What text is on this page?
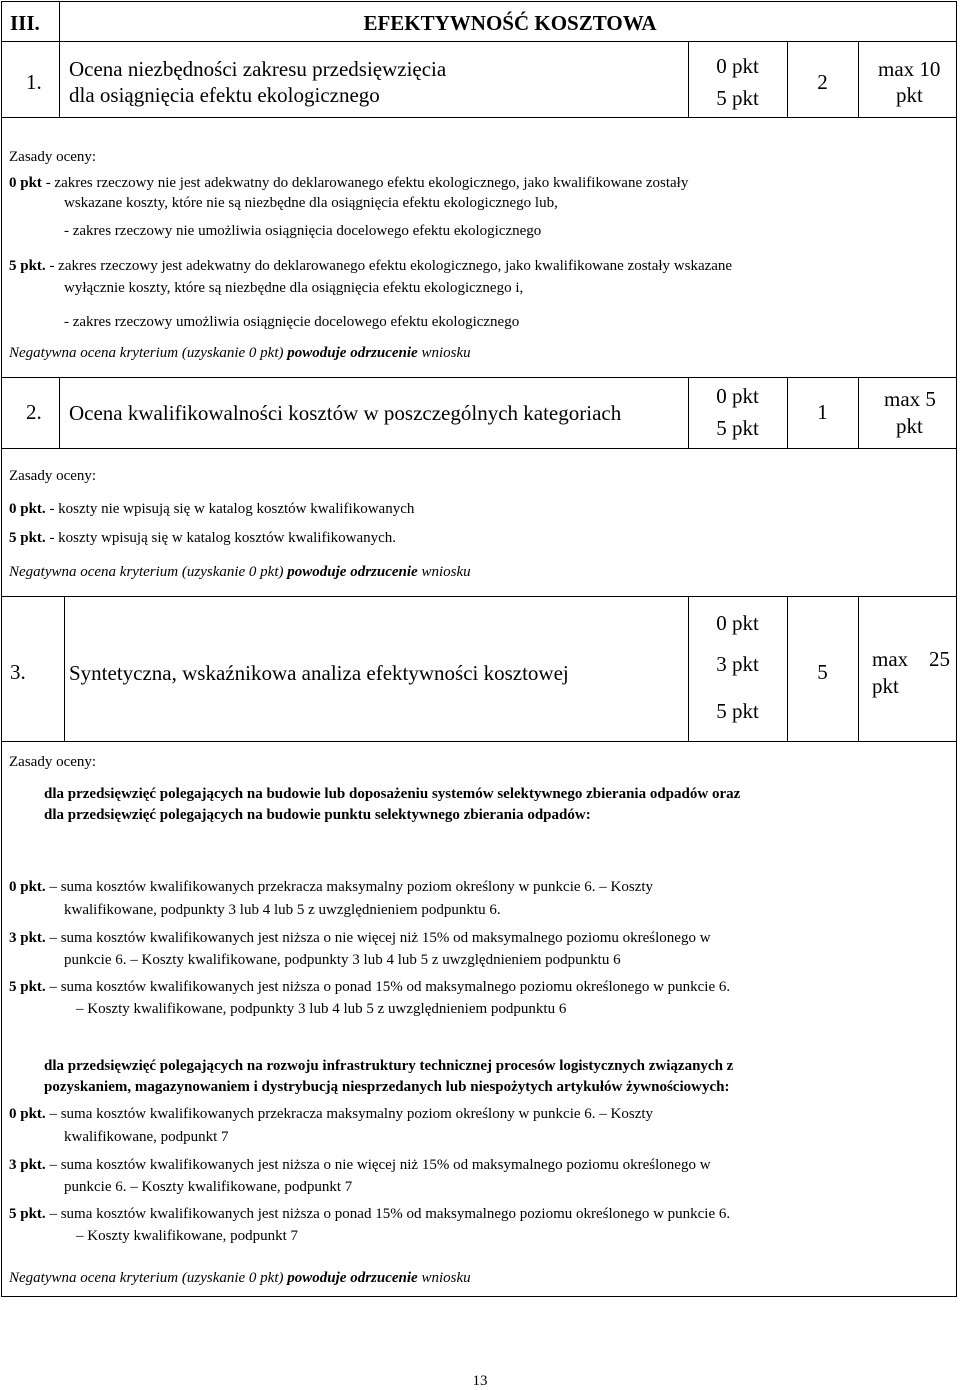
III.	EFEKTYWNOŚĆ KOSZTOWA
1.
Ocena niezbędności zakresu przedsięwzięcia
dla osiągnięcia efektu ekologicznego
0 pkt
5 pkt
2
max 10
pkt
Zasady oceny:
0 pkt - zakres rzeczowy nie jest adekwatny do deklarowanego efektu ekologicznego, jako kwalifikowane zostały
wskazane koszty, które nie są niezbędne dla osiągnięcia efektu ekologicznego lub,
- zakres rzeczowy nie umożliwia osiągnięcia docelowego efektu ekologicznego
5 pkt. - zakres rzeczowy jest adekwatny do deklarowanego efektu ekologicznego, jako kwalifikowane zostały wskazane
wyłącznie koszty, które są niezbędne dla osiągnięcia efektu ekologicznego i,
- zakres rzeczowy umożliwia osiągnięcie docelowego efektu ekologicznego
Negatywna ocena kryterium (uzyskanie 0 pkt) powoduje odrzucenie wniosku
2. Ocena kwalifikowalności kosztów w poszczególnych kategoriach
0 pkt
5 pkt
1
max 5
pkt
Zasady oceny:
0 pkt. - koszty nie wpisują się w katalog kosztów kwalifikowanych
5 pkt. - koszty wpisują się w katalog kosztów kwalifikowanych.
Negatywna ocena kryterium (uzyskanie 0 pkt) powoduje odrzucenie wniosku
3. Syntetyczna, wskaźnikowa analiza efektywności kosztowej
0 pkt
3 pkt
5 pkt
5
max 25
pkt
Zasady oceny:
dla przedsięwzięć polegających na budowie lub doposażeniu systemów selektywnego zbierania odpadów oraz
dla przedsięwzięć polegających na budowie punktu selektywnego zbierania odpadów:
0 pkt. – suma kosztów kwalifikowanych przekracza maksymalny poziom określony w punkcie 6. – Koszty
kwalifikowane, podpunkty 3 lub 4 lub 5 z uwzględnieniem podpunktu 6.
3 pkt. – suma kosztów kwalifikowanych jest niższa o nie więcej niż 15% od maksymalnego poziomu określonego w
punkcie 6. – Koszty kwalifikowane, podpunkty 3 lub 4 lub 5 z uwzględnieniem podpunktu 6
5 pkt. – suma kosztów kwalifikowanych jest niższa o ponad 15% od maksymalnego poziomu określonego w punkcie 6.
– Koszty kwalifikowane, podpunkty 3 lub 4 lub 5 z uwzględnieniem podpunktu 6
dla przedsięwzięć polegających na rozwoju infrastruktury technicznej procesów logistycznych związanych z
pozyskaniem, magazynowaniem i dystrybucją niesprzedanych lub niespożytych artykułów żywnościowych:
0 pkt. – suma kosztów kwalifikowanych przekracza maksymalny poziom określony w punkcie 6. – Koszty
kwalifikowane, podpunkt 7
3 pkt. – suma kosztów kwalifikowanych jest niższa o nie więcej niż 15% od maksymalnego poziomu określonego w
punkcie 6. – Koszty kwalifikowane, podpunkt 7
5 pkt. – suma kosztów kwalifikowanych jest niższa o ponad 15% od maksymalnego poziomu określonego w punkcie 6.
– Koszty kwalifikowane, podpunkt 7
Negatywna ocena kryterium (uzyskanie 0 pkt) powoduje odrzucenie wniosku
13
